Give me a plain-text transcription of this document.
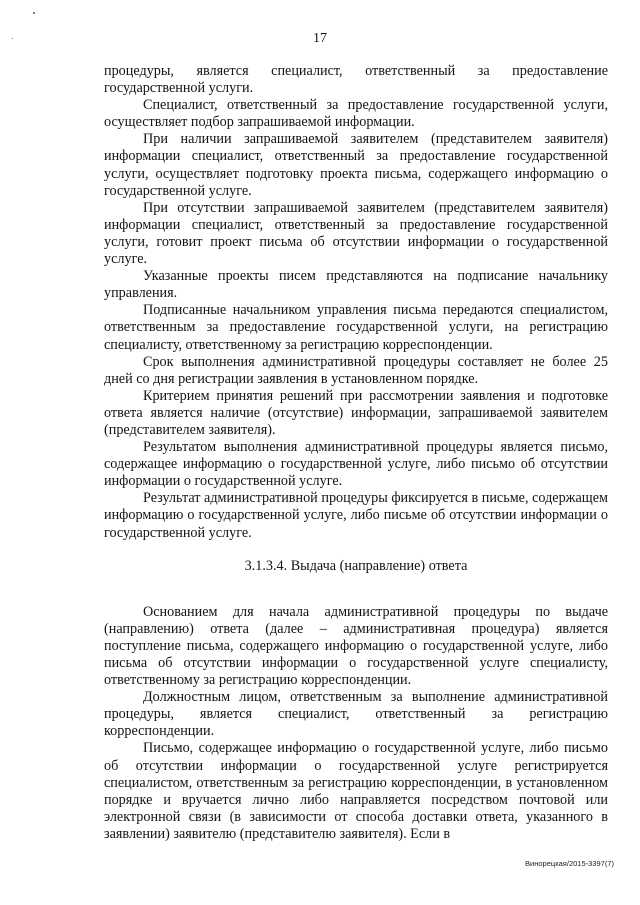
17

процедуры, является специалист, ответственный за предоставление государственной услуги.

Специалист, ответственный за предоставление государственной услуги, осуществляет подбор запрашиваемой информации.

При наличии запрашиваемой заявителем (представителем заявителя) информации специалист, ответственный за предоставление государственной услуги, осуществляет подготовку проекта письма, содержащего информацию о государственной услуге.

При отсутствии запрашиваемой заявителем (представителем заявителя) информации специалист, ответственный за предоставление государственной услуги, готовит проект письма об отсутствии информации о государственной услуге.

Указанные проекты писем представляются на подписание начальнику управления.

Подписанные начальником управления письма передаются специалистом, ответственным за предоставление государственной услуги, на регистрацию специалисту, ответственному за регистрацию корреспонденции.

Срок выполнения административной процедуры составляет не более 25 дней со дня регистрации заявления в установленном порядке.

Критерием принятия решений при рассмотрении заявления и подготовке ответа является наличие (отсутствие) информации, запрашиваемой заявителем (представителем заявителя).

Результатом выполнения административной процедуры является письмо, содержащее информацию о государственной услуге, либо письмо об отсутствии информации о государственной услуге.

Результат административной процедуры фиксируется в письме, содержащем информацию о государственной услуге, либо письме об отсутствии информации о государственной услуге.

3.1.3.4. Выдача (направление) ответа

Основанием для начала административной процедуры по выдаче (направлению) ответа (далее – административная процедура) является поступление письма, содержащего информацию о государственной услуге, либо письма об отсутствии информации о государственной услуге специалисту, ответственному за регистрацию корреспонденции.

Должностным лицом, ответственным за выполнение административной процедуры, является специалист, ответственный за регистрацию корреспонденции.

Письмо, содержащее информацию о государственной услуге, либо письмо об отсутствии информации о государственной услуге регистрируется специалистом, ответственным за регистрацию корреспонденции, в установленном порядке и вручается лично либо направляется посредством почтовой или электронной связи (в зависимости от способа доставки ответа, указанного в заявлении) заявителю (представителю заявителя). Если в

Винорецкая/2015-3397(7)
